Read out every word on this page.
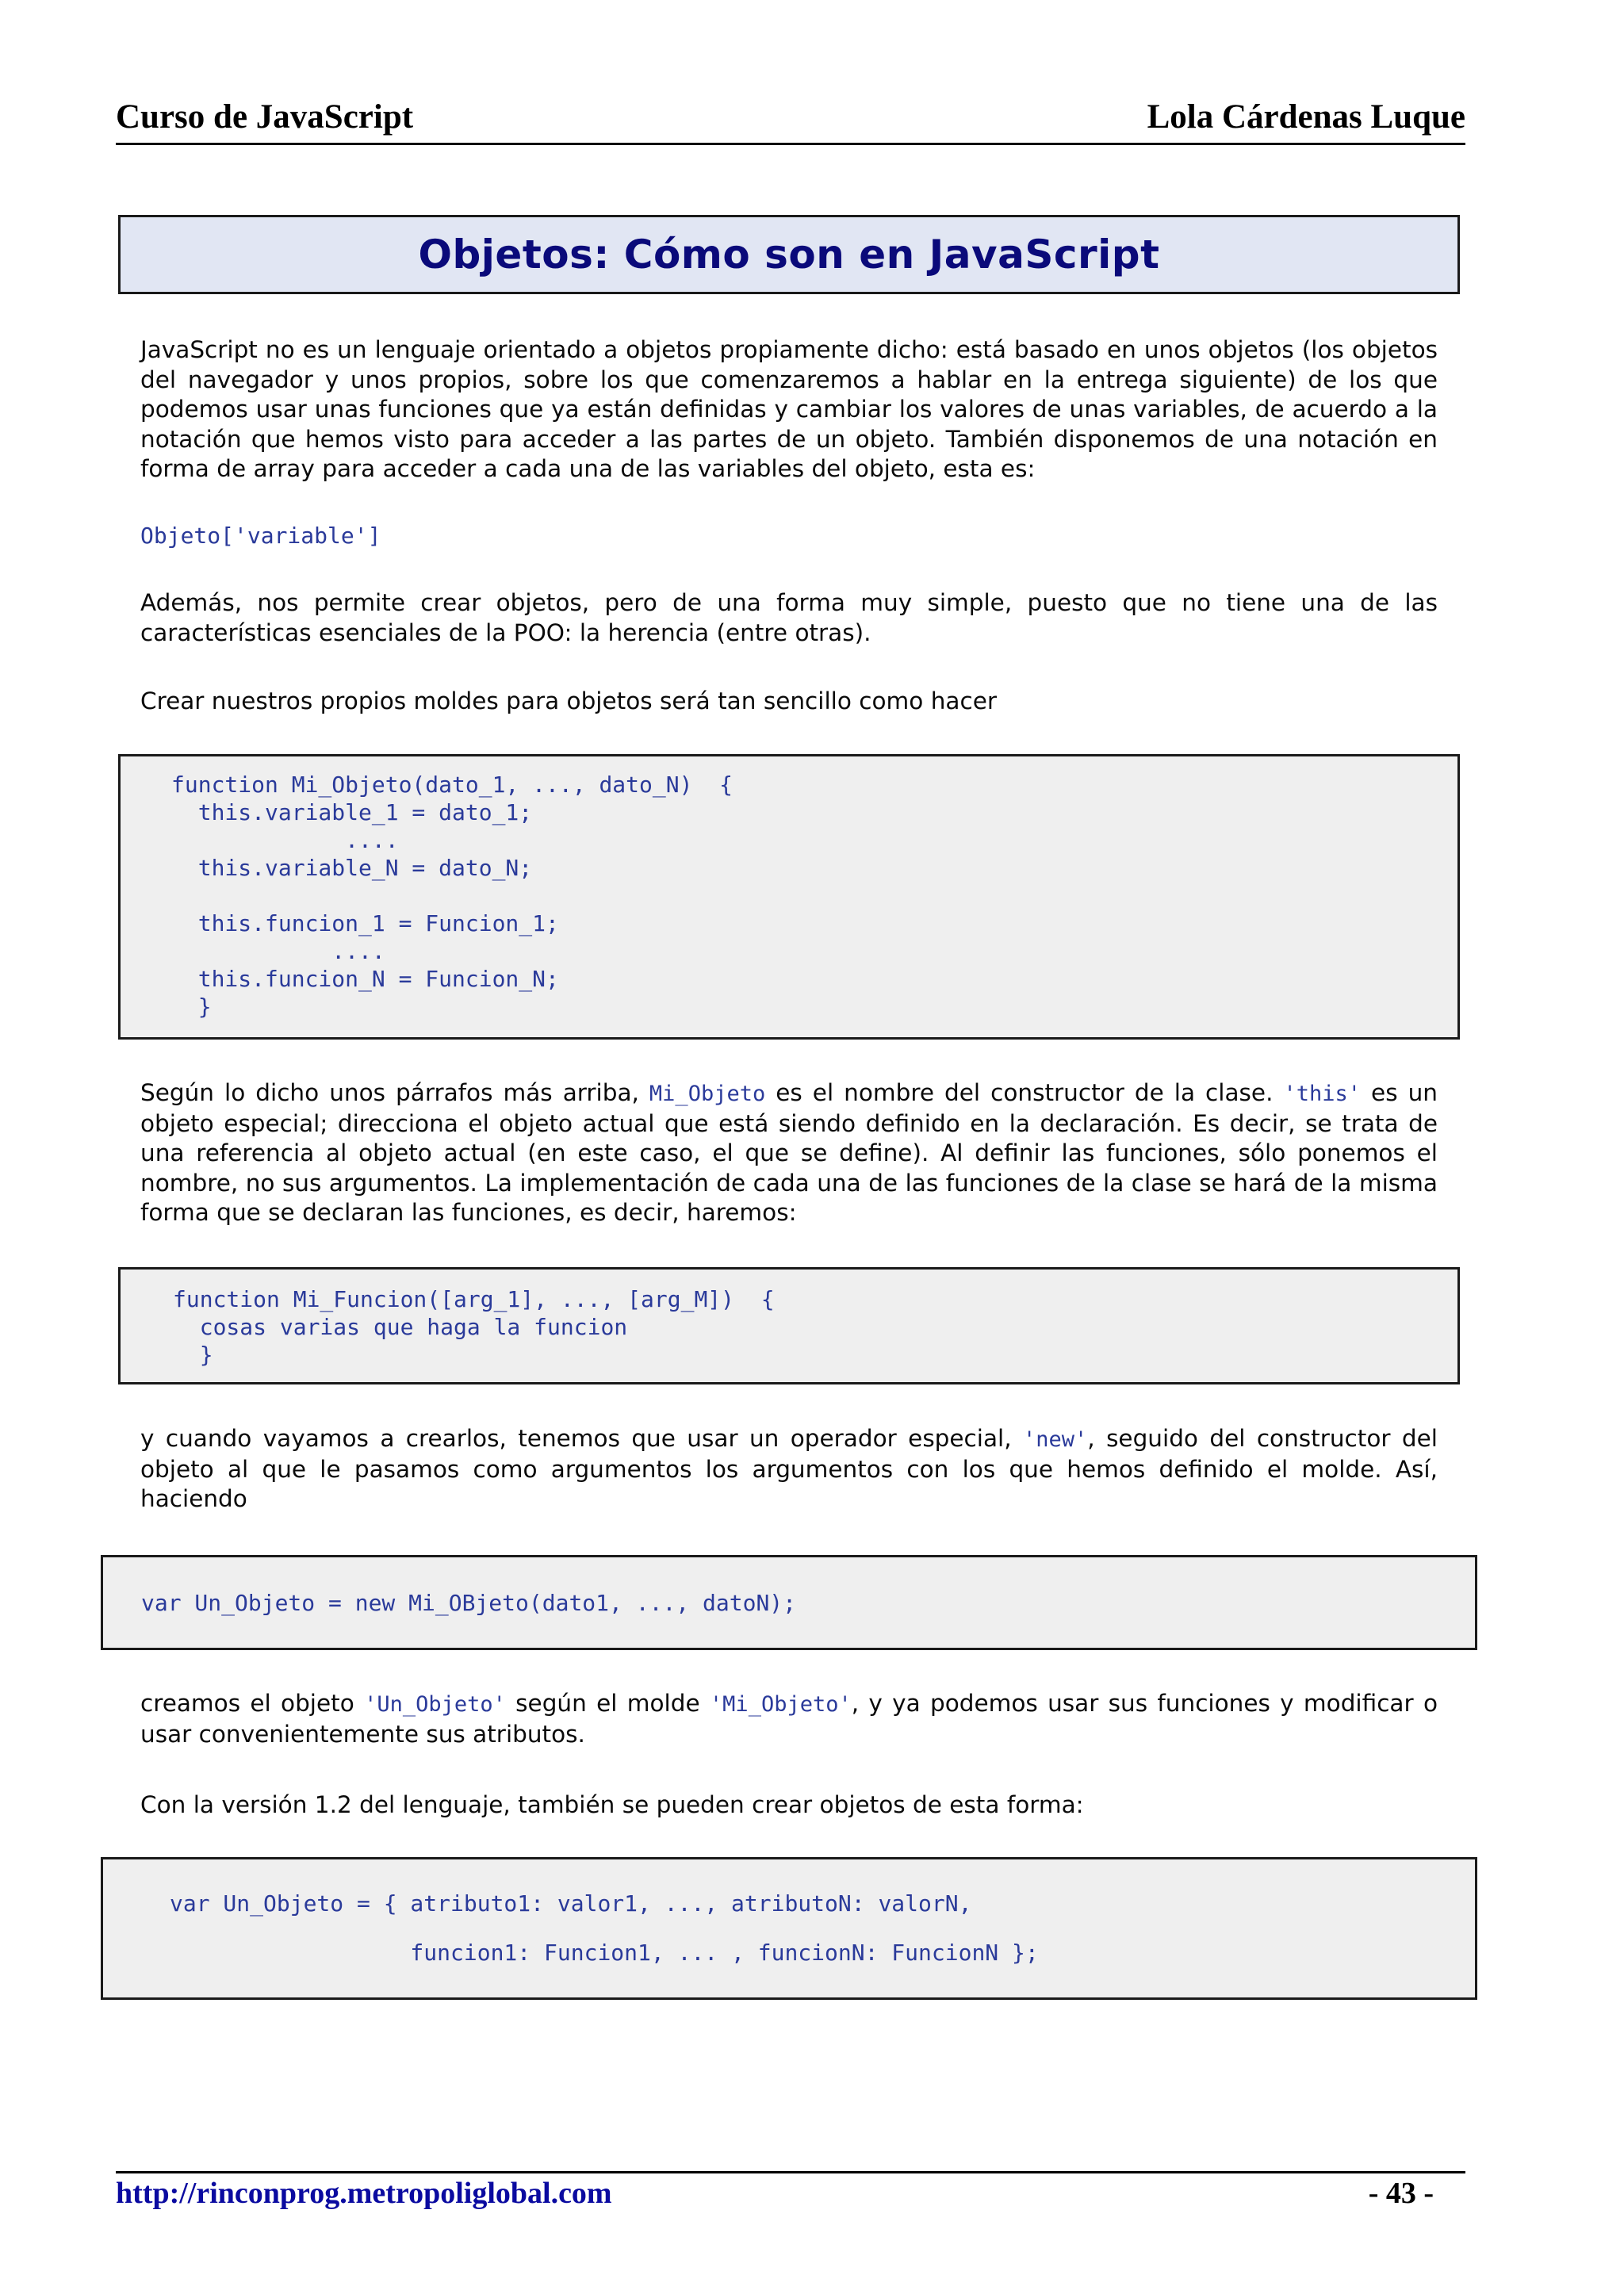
Curso de JavaScript	Lola Cárdenas Luque
Objetos: Cómo son en JavaScript
JavaScript no es un lenguaje orientado a objetos propiamente dicho: está basado en unos objetos (los objetos del navegador y unos propios, sobre los que comenzaremos a hablar en la entrega siguiente) de los que podemos usar unas funciones que ya están definidas y cambiar los valores de unas variables, de acuerdo a la notación que hemos visto para acceder a las partes de un objeto. También disponemos de una notación en forma de array para acceder a cada una de las variables del objeto, esta es:
Objeto['variable']
Además, nos permite crear objetos, pero de una forma muy simple, puesto que no tiene una de las características esenciales de la POO: la herencia (entre otras).
Crear nuestros propios moldes para objetos será tan sencillo como hacer
function Mi_Objeto(dato_1, ..., dato_N)  {
this.variable_1 = dato_1;
....
this.variable_N = dato_N;

this.funcion_1 = Funcion_1;
....
this.funcion_N = Funcion_N;
}
Según lo dicho unos párrafos más arriba, Mi_Objeto es el nombre del constructor de la clase. 'this' es un objeto especial; direcciona el objeto actual que está siendo definido en la declaración. Es decir, se trata de una referencia al objeto actual (en este caso, el que se define). Al definir las funciones, sólo ponemos el nombre, no sus argumentos. La implementación de cada una de las funciones de la clase se hará de la misma forma que se declaran las funciones, es decir, haremos:
function Mi_Funcion([arg_1], ..., [arg_M])  {
cosas varias que haga la funcion
}
y cuando vayamos a crearlos, tenemos que usar un operador especial, 'new', seguido del constructor del objeto al que le pasamos como argumentos los argumentos con los que hemos definido el molde. Así, haciendo
var Un_Objeto = new Mi_OBjeto(dato1, ..., datoN);
creamos el objeto 'Un_Objeto' según el molde 'Mi_Objeto', y ya podemos usar sus funciones y modificar o usar convenientemente sus atributos.
Con la versión 1.2 del lenguaje, también se pueden crear objetos de esta forma:
var Un_Objeto = { atributo1: valor1, ..., atributoN: valorN,

funcion1: Funcion1, ... , funcionN: FuncionN };
http://rinconprog.metropoliglobal.com	- 43 -
